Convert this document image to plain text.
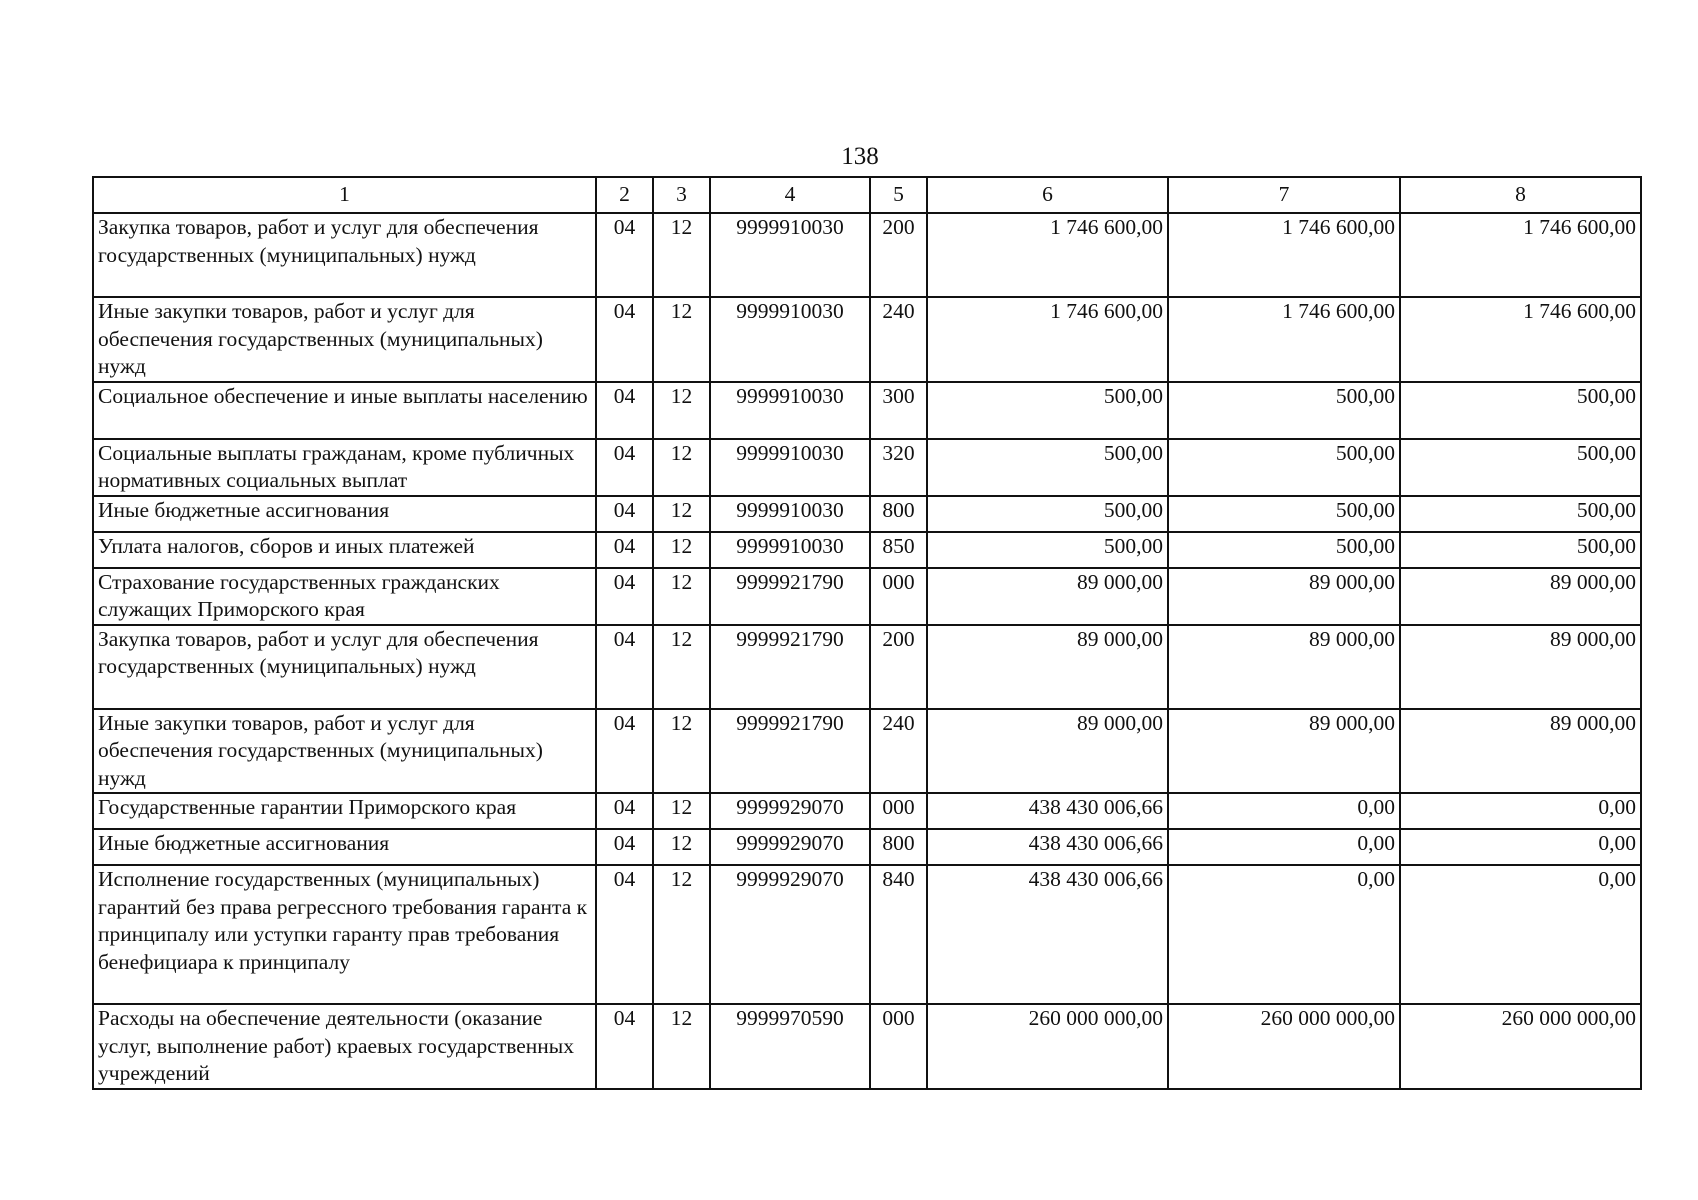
138
1	2	3	4	5	6	7	8
Закупка товаров, работ и услуг для обеспечения государственных (муниципальных) нужд	04	12	9999910030	200	1 746 600,00	1 746 600,00	1 746 600,00
Иные закупки товаров, работ и услуг для обеспечения государственных (муниципальных) нужд	04	12	9999910030	240	1 746 600,00	1 746 600,00	1 746 600,00
Социальное обеспечение и иные выплаты населению	04	12	9999910030	300	500,00	500,00	500,00
Социальные выплаты гражданам, кроме публичных нормативных социальных выплат	04	12	9999910030	320	500,00	500,00	500,00
Иные бюджетные ассигнования	04	12	9999910030	800	500,00	500,00	500,00
Уплата налогов, сборов и иных платежей	04	12	9999910030	850	500,00	500,00	500,00
Страхование государственных гражданских служащих Приморского края	04	12	9999921790	000	89 000,00	89 000,00	89 000,00
Закупка товаров, работ и услуг для обеспечения государственных (муниципальных) нужд	04	12	9999921790	200	89 000,00	89 000,00	89 000,00
Иные закупки товаров, работ и услуг для обеспечения государственных (муниципальных) нужд	04	12	9999921790	240	89 000,00	89 000,00	89 000,00
Государственные гарантии Приморского края	04	12	9999929070	000	438 430 006,66	0,00	0,00
Иные бюджетные ассигнования	04	12	9999929070	800	438 430 006,66	0,00	0,00
Исполнение государственных (муниципальных) гарантий без права регрессного требования гаранта к принципалу или уступки гаранту прав требования бенефициара к принципалу	04	12	9999929070	840	438 430 006,66	0,00	0,00
Расходы на обеспечение деятельности (оказание услуг, выполнение работ) краевых государственных учреждений	04	12	9999970590	000	260 000 000,00	260 000 000,00	260 000 000,00
